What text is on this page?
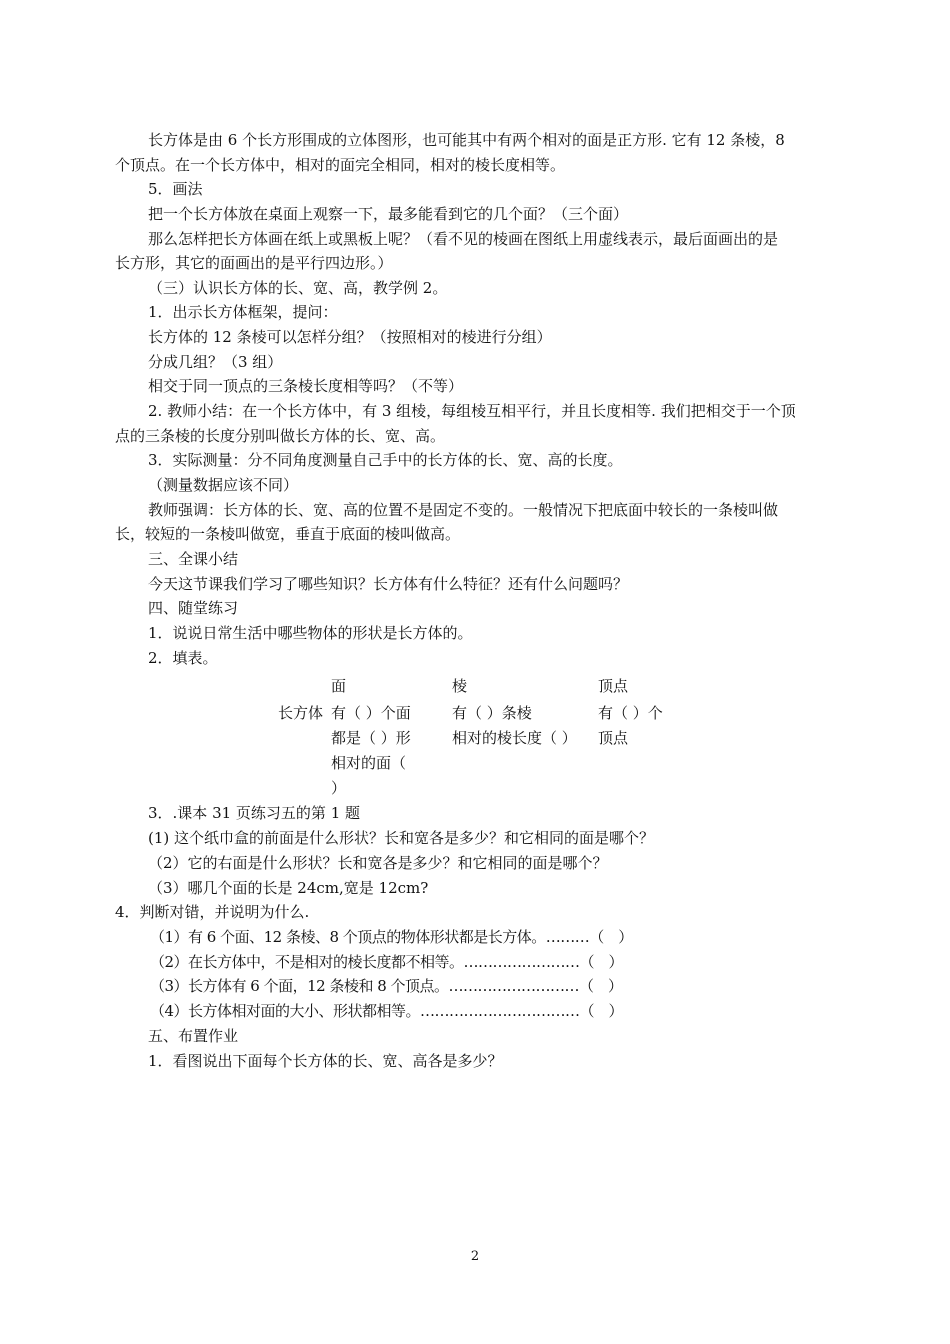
长方体是由 6 个长方形围成的立体图形，也可能其中有两个相对的面是正方形. 它有 12 条棱，8

个顶点。在一个长方体中，相对的面完全相同，相对的棱长度相等。

5．画法

把一个长方体放在桌面上观察一下，最多能看到它的几个面？（三个面）

那么怎样把长方体画在纸上或黑板上呢？（看不见的棱画在图纸上用虚线表示，最后面画出的是

长方形，其它的面画出的是平行四边形。）

（三）认识长方体的长、宽、高，教学例 2。

1．出示长方体框架，提问：

长方体的 12 条棱可以怎样分组？（按照相对的棱进行分组）

分成几组？（3 组）

相交于同一顶点的三条棱长度相等吗？（不等）

2. 教师小结：在一个长方体中，有 3 组棱，每组棱互相平行，并且长度相等. 我们把相交于一个顶

点的三条棱的长度分别叫做长方体的长、宽、高。

3．实际测量：分不同角度测量自己手中的长方体的长、宽、高的长度。

（测量数据应该不同）

教师强调：长方体的长、宽、高的位置不是固定不变的。一般情况下把底面中较长的一条棱叫做

长，较短的一条棱叫做宽，垂直于底面的棱叫做高。

三、全课小结

今天这节课我们学习了哪些知识？长方体有什么特征？还有什么问题吗？

四、随堂练习

1．说说日常生活中哪些物体的形状是长方体的。

2．填表。

面	棱	顶点
长方体 有（ ）个面
都是（ ）形
相对的面（
）
有（ ）条棱
相对的棱长度（ ）
有（ ）个
顶点

3．.课本 31 页练习五的第 1 题

(1) 这个纸巾盒的前面是什么形状？长和宽各是多少？和它相同的面是哪个？

（2）它的右面是什么形状？长和宽各是多少？和它相同的面是哪个？

（3）哪几个面的长是 24cm,宽是 12cm?

4．判断对错，并说明为什么.

（1）有 6 个面、12 条棱、8 个顶点的物体形状都是长方体。………（　）

（2）在长方体中，不是相对的棱长度都不相等。……………………（　）

（3）长方体有 6 个面，12 条棱和 8 个顶点。………………………（　）

（4）长方体相对面的大小、形状都相等。……………………………（　）

五、布置作业

1．看图说出下面每个长方体的长、宽、高各是多少？

2
